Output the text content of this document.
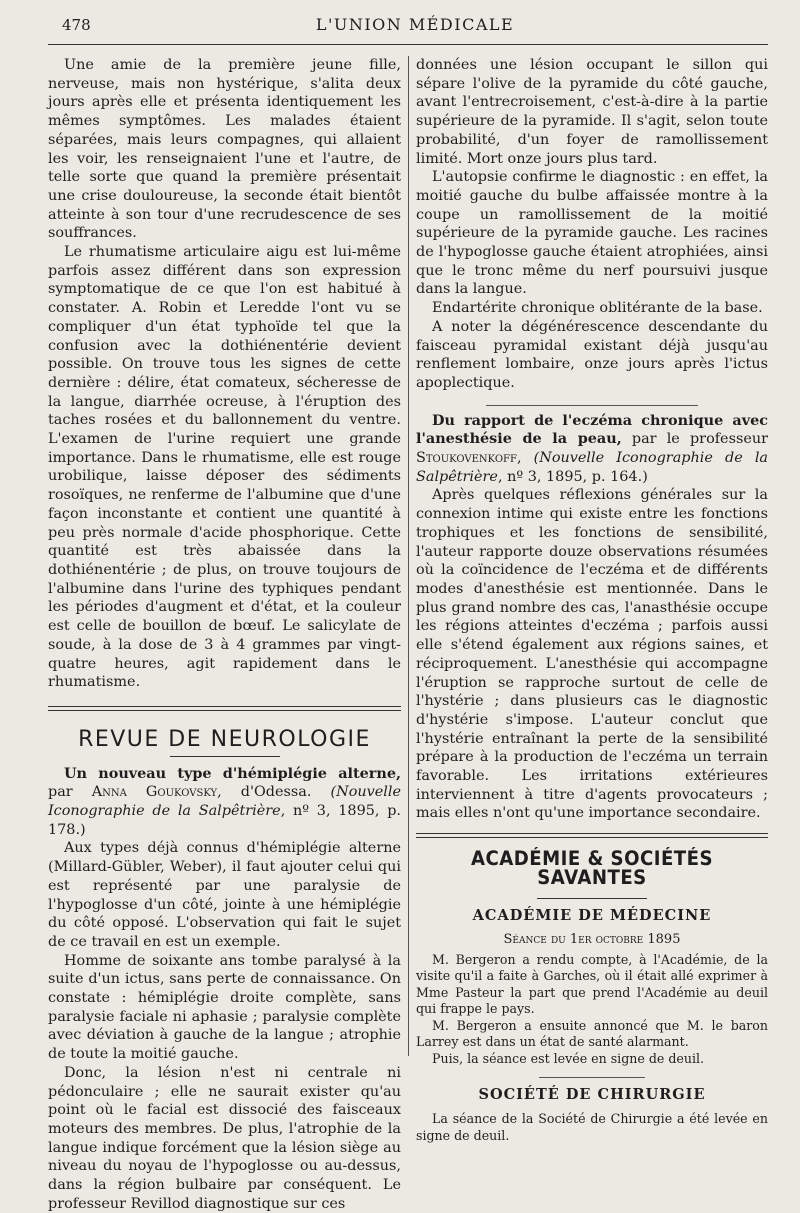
478	L'UNION MÉDICALE

Une amie de la première jeune fille, nerveuse, mais non hystérique, s'alita deux jours après elle et présenta identiquement les mêmes symptômes. Les malades étaient séparées, mais leurs compagnes, qui allaient les voir, les renseignaient l'une et l'autre, de telle sorte que quand la première présentait une crise douloureuse, la seconde était bientôt atteinte à son tour d'une recrudescence de ses souffrances.

Le rhumatisme articulaire aigu est lui-même parfois assez différent dans son expression symptomatique de ce que l'on est habitué à constater. A. Robin et Leredde l'ont vu se compliquer d'un état typhoïde tel que la confusion avec la dothiénentérie devient possible. On trouve tous les signes de cette dernière : délire, état comateux, sécheresse de la langue, diarrhée ocreuse, à l'éruption des taches rosées et du ballonnement du ventre. L'examen de l'urine requiert une grande importance. Dans le rhumatisme, elle est rouge urobilique, laisse déposer des sédiments rosoïques, ne renferme de l'albumine que d'une façon inconstante et contient une quantité à peu près normale d'acide phosphorique. Cette quantité est très abaissée dans la dothiénentérie ; de plus, on trouve toujours de l'albumine dans l'urine des typhiques pendant les périodes d'augment et d'état, et la couleur est celle de bouillon de bœuf. Le salicylate de soude, à la dose de 3 à 4 grammes par vingt-quatre heures, agit rapidement dans le rhumatisme.

REVUE DE NEUROLOGIE

Un nouveau type d'hémiplégie alterne, par Anna Goukovsky, d'Odessa. (Nouvelle Iconographie de la Salpêtrière, nº 3, 1895, p. 178.)

Aux types déjà connus d'hémiplégie alterne (Millard-Gübler, Weber), il faut ajouter celui qui est représenté par une paralysie de l'hypoglosse d'un côté, jointe à une hémiplégie du côté opposé. L'observation qui fait le sujet de ce travail en est un exemple.

Homme de soixante ans tombe paralysé à la suite d'un ictus, sans perte de connaissance. On constate : hémiplégie droite complète, sans paralysie faciale ni aphasie ; paralysie complète avec déviation à gauche de la langue ; atrophie de toute la moitié gauche.

Donc, la lésion n'est ni centrale ni pédonculaire ; elle ne saurait exister qu'au point où le facial est dissocié des faisceaux moteurs des membres. De plus, l'atrophie de la langue indique forcément que la lésion siège au niveau du noyau de l'hypoglosse ou au-dessus, dans la région bulbaire par conséquent. Le professeur Revillod diagnostique sur ces

données une lésion occupant le sillon qui sépare l'olive de la pyramide du côté gauche, avant l'entrecroisement, c'est-à-dire à la partie supérieure de la pyramide. Il s'agit, selon toute probabilité, d'un foyer de ramollissement limité. Mort onze jours plus tard.

L'autopsie confirme le diagnostic : en effet, la moitié gauche du bulbe affaissée montre à la coupe un ramollissement de la moitié supérieure de la pyramide gauche. Les racines de l'hypoglosse gauche étaient atrophiées, ainsi que le tronc même du nerf poursuivi jusque dans la langue.

Endartérite chronique oblitérante de la base.

A noter la dégénérescence descendante du faisceau pyramidal existant déjà jusqu'au renflement lombaire, onze jours après l'ictus apoplectique.

Du rapport de l'eczéma chronique avec l'anesthésie de la peau, par le professeur Stoukovenkoff, (Nouvelle Iconographie de la Salpêtrière, nº 3, 1895, p. 164.)

Après quelques réflexions générales sur la connexion intime qui existe entre les fonctions trophiques et les fonctions de sensibilité, l'auteur rapporte douze observations résumées où la coïncidence de l'eczéma et de différents modes d'anesthésie est mentionnée. Dans le plus grand nombre des cas, l'anasthésie occupe les régions atteintes d'eczéma ; parfois aussi elle s'étend également aux régions saines, et réciproquement. L'anesthésie qui accompagne l'éruption se rapproche surtout de celle de l'hystérie ; dans plusieurs cas le diagnostic d'hystérie s'impose. L'auteur conclut que l'hystérie entraînant la perte de la sensibilité prépare à la production de l'eczéma un terrain favorable. Les irritations extérieures interviennent à titre d'agents provocateurs ; mais elles n'ont qu'une importance secondaire.

ACADÉMIE & SOCIÉTÉS SAVANTES
ACADÉMIE DE MÉDECINE
Séance du 1er octobre 1895

M. Bergeron a rendu compte, à l'Académie, de la visite qu'il a faite à Garches, où il était allé exprimer à Mme Pasteur la part que prend l'Académie au deuil qui frappe le pays.

M. Bergeron a ensuite annoncé que M. le baron Larrey est dans un état de santé alarmant.

Puis, la séance est levée en signe de deuil.

SOCIÉTÉ DE CHIRURGIE

La séance de la Société de Chirurgie a été levée en signe de deuil.
